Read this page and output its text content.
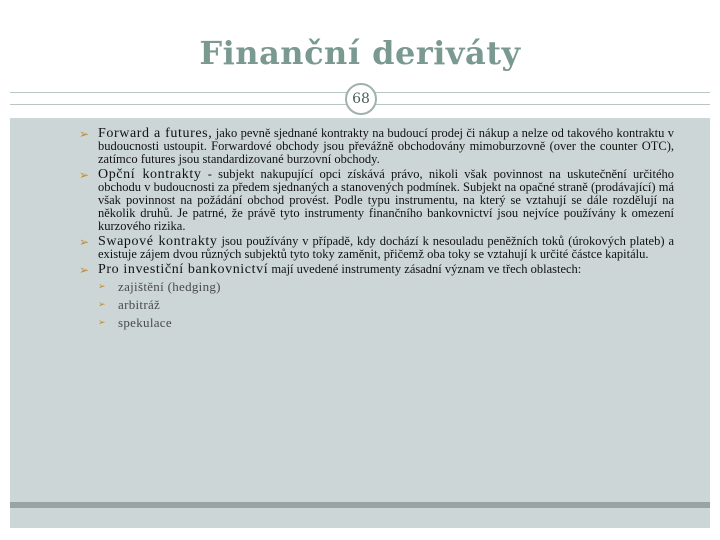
Finanční deriváty
68
➢ Forward a futures, jako pevně sjednané kontrakty na budoucí prodej či nákup a nelze od takového kontraktu v budoucnosti ustoupit. Forwardové obchody jsou převážně obchodovány mimoburzovně (over the counter OTC), zatímco futures jsou standardizované burzovní obchody.
➢ Opční kontrakty - subjekt nakupující opci získává právo, nikoli však povinnost na uskutečnění určitého obchodu v budoucnosti za předem sjednaných a stanovených podmínek. Subjekt na opačné straně (prodávající) má však povinnost na požádání obchod provést. Podle typu instrumentu, na který se vztahují se dále rozdělují na několik druhů. Je patrné, že právě tyto instrumenty finančního bankovnictví jsou nejvíce používány k omezení kurzového rizika.
➢ Swapové kontrakty jsou používány v případě, kdy dochází k nesouladu peněžních toků (úrokových plateb) a existuje zájem dvou různých subjektů tyto toky zaměnit, přičemž oba toky se vztahují k určité částce kapitálu.
➢ Pro investiční bankovnictví mají uvedené instrumenty zásadní význam ve třech oblastech:
➢ zajištění (hedging)
➢ arbitráž
➢ spekulace
